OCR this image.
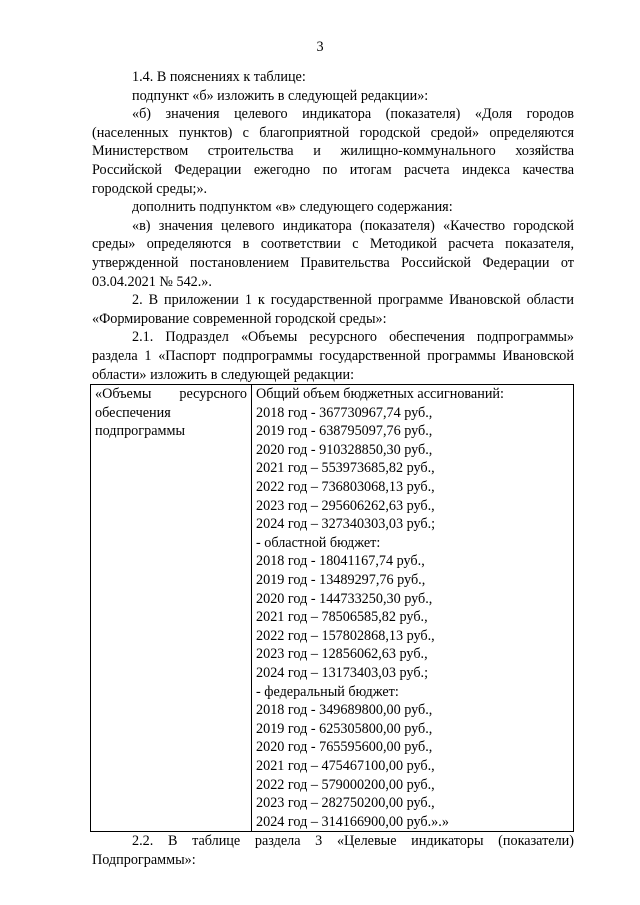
3

1.4. В пояснениях к таблице:

подпункт «б» изложить в следующей редакции»:

«б) значения целевого индикатора (показателя) «Доля городов (населенных пунктов) с благоприятной городской средой» определяются Министерством строительства и жилищно-коммунального хозяйства Российской Федерации ежегодно по итогам расчета индекса качества городской среды;».

дополнить подпунктом «в» следующего содержания:

«в) значения целевого индикатора (показателя) «Качество городской среды» определяются в соответствии с Методикой расчета показателя, утвержденной постановлением Правительства Российской Федерации от 03.04.2021 № 542.».

2. В приложении 1 к государственной программе Ивановской области «Формирование современной городской среды»:

2.1. Подраздел «Объемы ресурсного обеспечения подпрограммы» раздела 1 «Паспорт подпрограммы государственной программы Ивановской области» изложить в следующей редакции:

«Объемы ресурсного
обеспечения
подпрограммы

Общий объем бюджетных ассигнований:
2018 год - 367730967,74 руб.,
2019 год - 638795097,76 руб.,
2020 год - 910328850,30 руб.,
2021 год – 553973685,82 руб.,
2022 год – 736803068,13 руб.,
2023 год – 295606262,63 руб.,
2024 год – 327340303,03 руб.;
- областной бюджет:
2018 год - 18041167,74 руб.,
2019 год - 13489297,76 руб.,
2020 год - 144733250,30 руб.,
2021 год – 78506585,82 руб.,
2022 год – 157802868,13 руб.,
2023 год – 12856062,63 руб.,
2024 год – 13173403,03 руб.;
- федеральный бюджет:
2018 год - 349689800,00 руб.,
2019 год - 625305800,00 руб.,
2020 год - 765595600,00 руб.,
2021 год – 475467100,00 руб.,
2022 год – 579000200,00 руб.,
2023 год – 282750200,00 руб.,
2024 год – 314166900,00 руб.».»

2.2. В таблице раздела 3 «Целевые индикаторы (показатели) Подпрограммы»:
